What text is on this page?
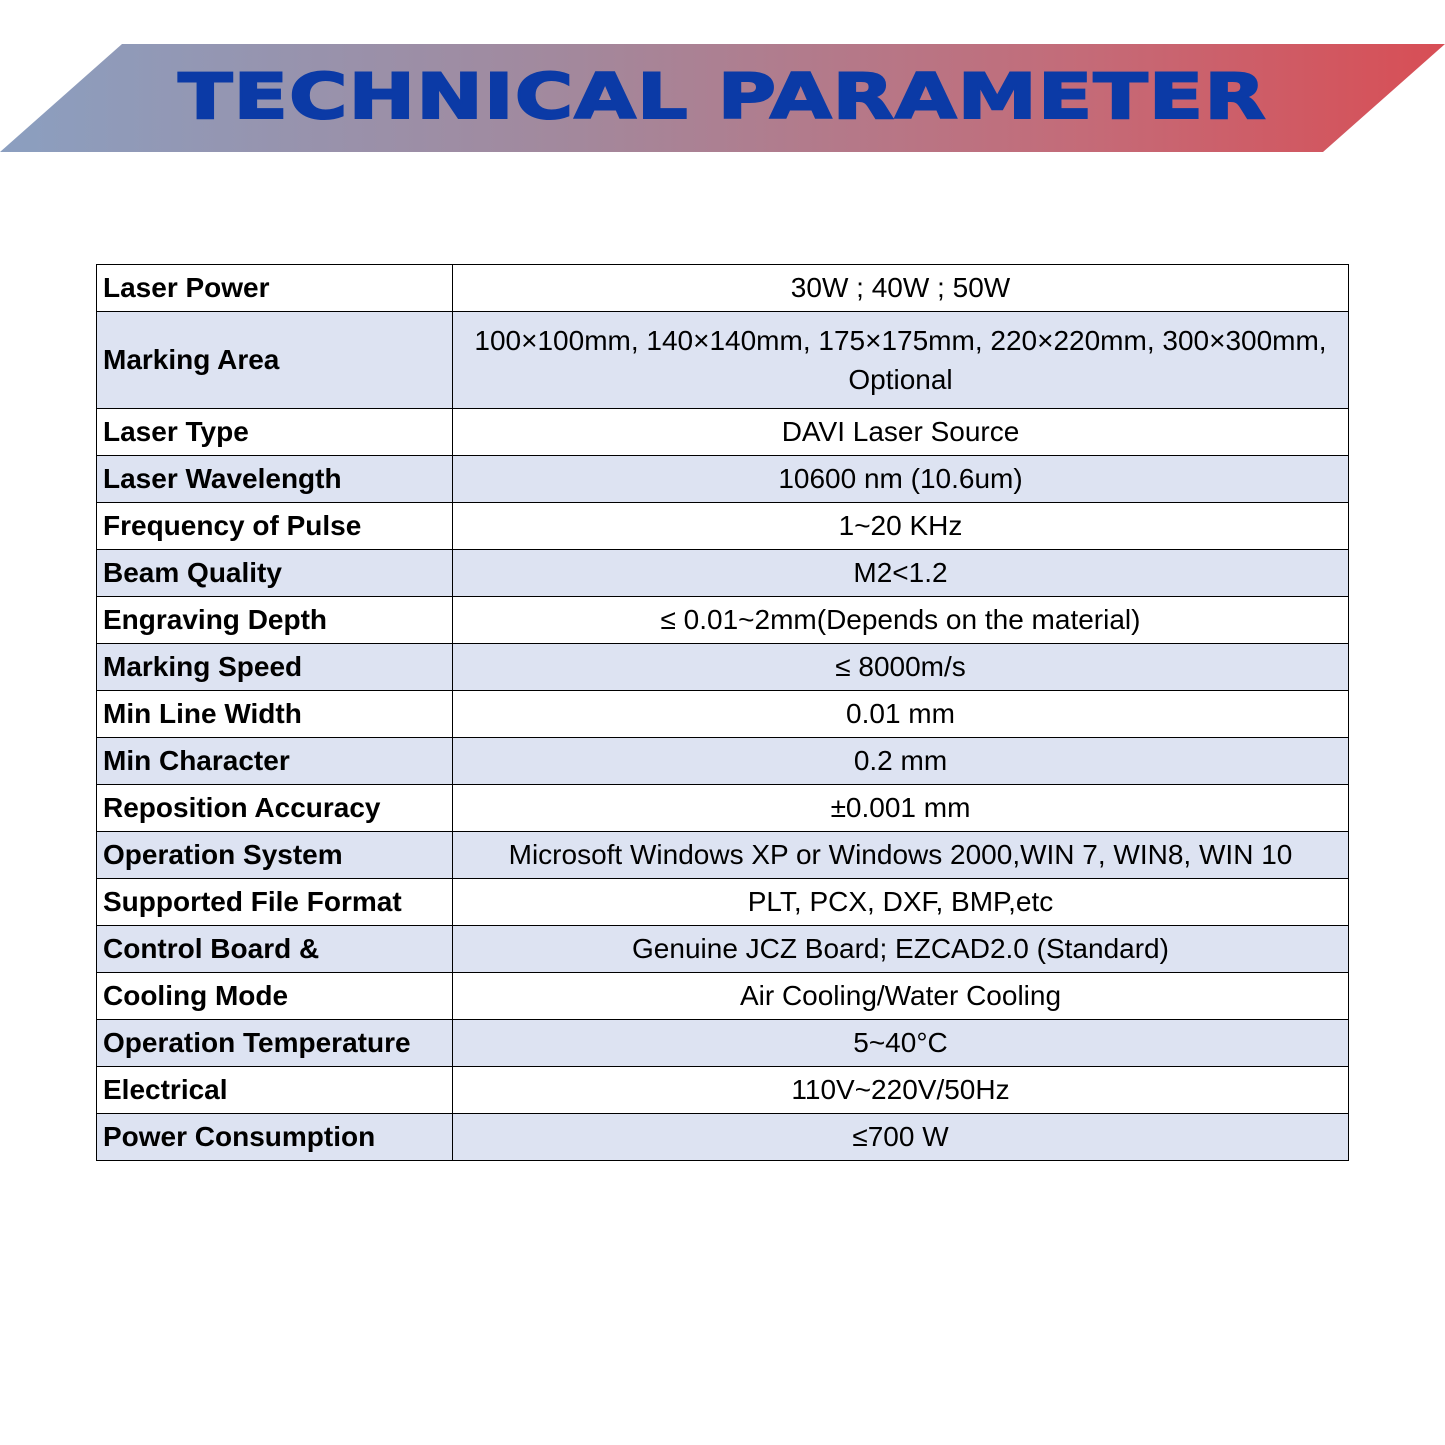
TECHNICAL PARAMETER
Laser Power	30W ; 40W ; 50W
Marking Area	100×100mm, 140×140mm, 175×175mm, 220×220mm, 300×300mm, Optional
Laser Type	DAVI Laser Source
Laser Wavelength	10600 nm (10.6um)
Frequency of Pulse	1~20 KHz
Beam Quality	M2<1.2
Engraving Depth	≤ 0.01~2mm(Depends on the material)
Marking Speed	≤ 8000m/s
Min Line Width	0.01 mm
Min Character	0.2 mm
Reposition Accuracy	±0.001 mm
Operation System	Microsoft Windows XP or Windows 2000,WIN 7, WIN8, WIN 10
Supported File Format	PLT, PCX, DXF, BMP,etc
Control Board &	Genuine JCZ Board; EZCAD2.0 (Standard)
Cooling Mode	Air Cooling/Water Cooling
Operation Temperature	5~40°C
Electrical	110V~220V/50Hz
Power Consumption	≤700 W
